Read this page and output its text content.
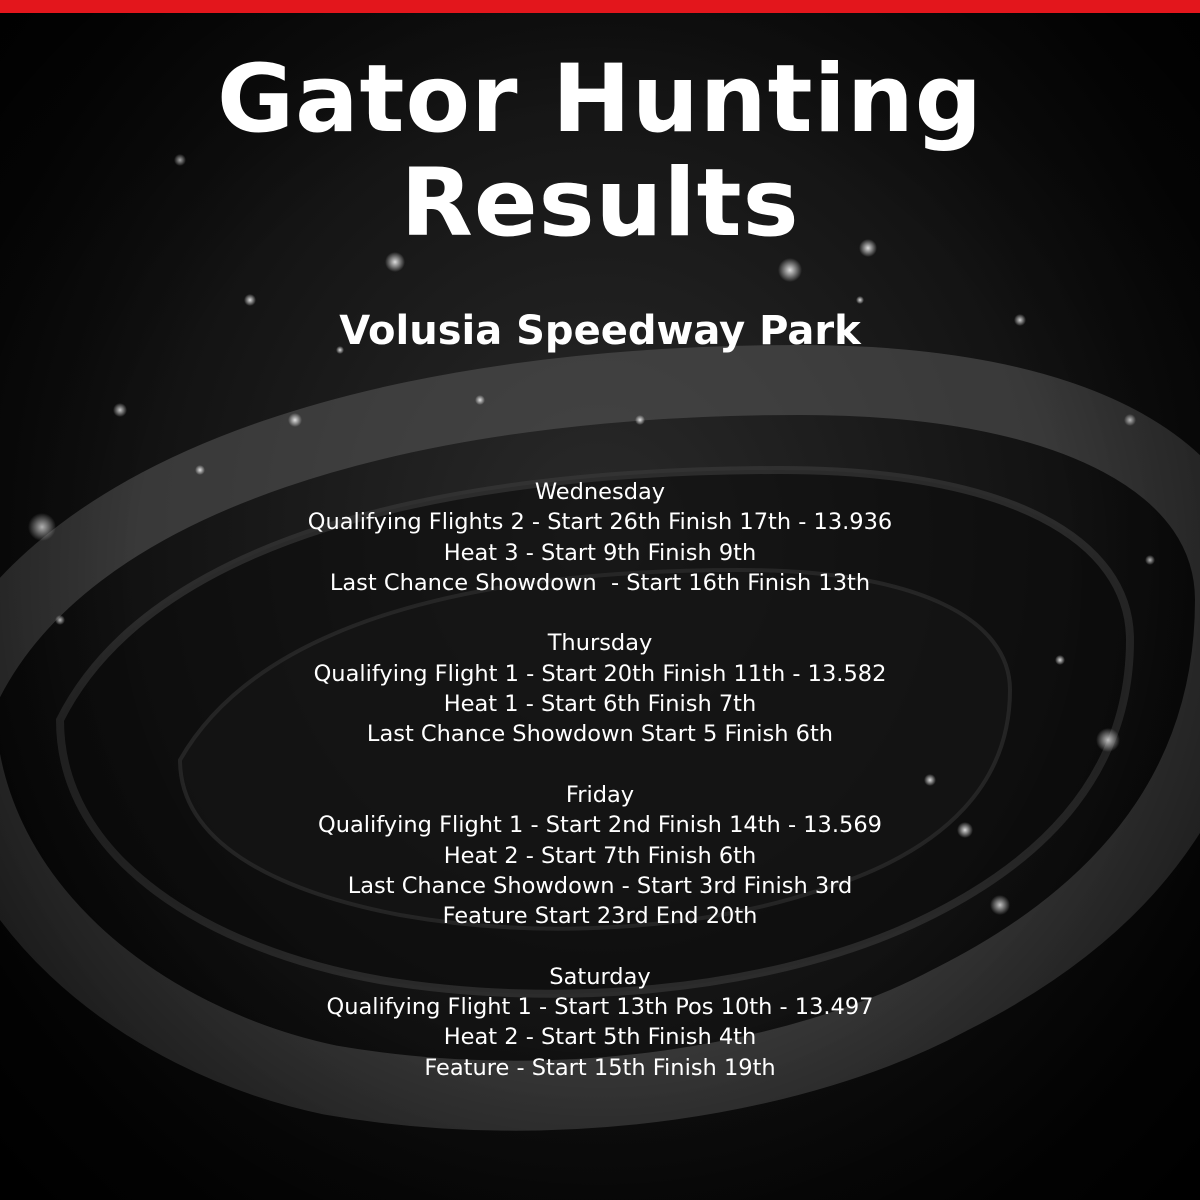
Gator Hunting
Results
Volusia Speedway Park
Wednesday
Qualifying Flights 2 - Start 26th Finish 17th - 13.936
Heat 3 - Start 9th Finish 9th
Last Chance Showdown  - Start 16th Finish 13th
Thursday
Qualifying Flight 1 - Start 20th Finish 11th - 13.582
Heat 1 - Start 6th Finish 7th
Last Chance Showdown Start 5 Finish 6th
Friday
Qualifying Flight 1 - Start 2nd Finish 14th - 13.569
Heat 2 - Start 7th Finish 6th
Last Chance Showdown - Start 3rd Finish 3rd
Feature Start 23rd End 20th
Saturday
Qualifying Flight 1 - Start 13th Pos 10th - 13.497
Heat 2 - Start 5th Finish 4th
Feature - Start 15th Finish 19th
